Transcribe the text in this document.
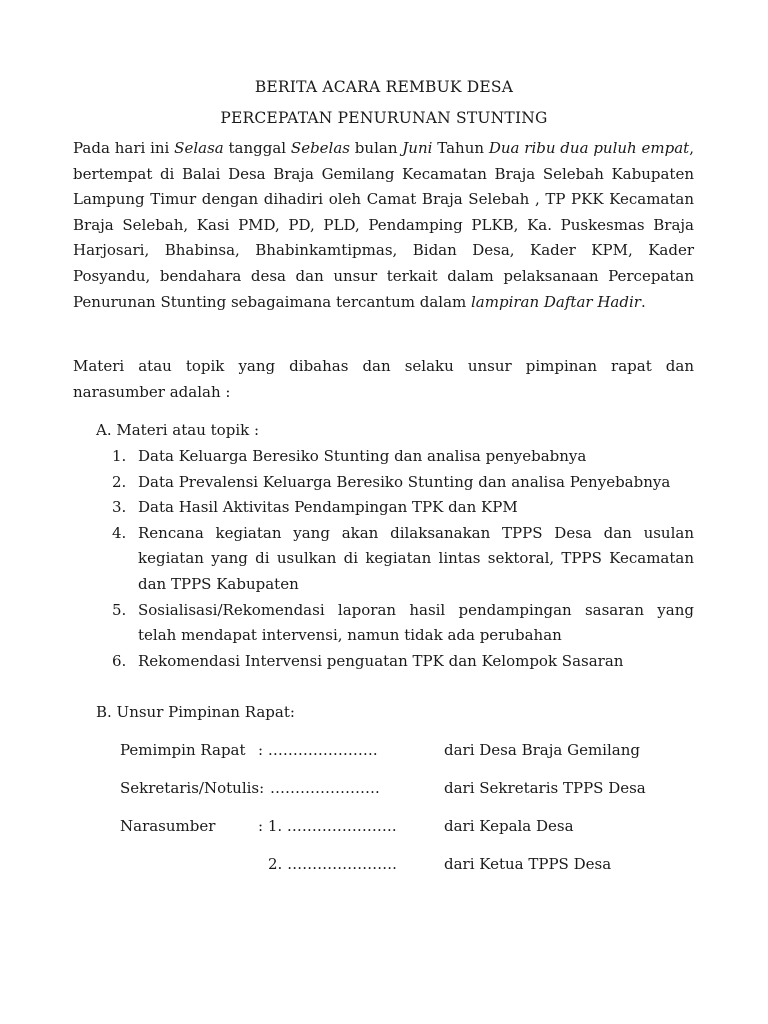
BERITA ACARA REMBUK DESA
PERCEPATAN PENURUNAN STUNTING

Pada hari ini Selasa tanggal Sebelas bulan Juni Tahun Dua ribu dua puluh empat, bertempat di Balai Desa Braja Gemilang Kecamatan Braja Selebah Kabupaten Lampung Timur dengan dihadiri oleh Camat Braja Selebah , TP PKK Kecamatan Braja Selebah, Kasi PMD, PD, PLD, Pendamping PLKB, Ka. Puskesmas Braja Harjosari, Bhabinsa, Bhabinkamtipmas, Bidan Desa, Kader KPM, Kader Posyandu, bendahara desa dan unsur terkait dalam pelaksanaan Percepatan Penurunan Stunting sebagaimana tercantum dalam lampiran Daftar Hadir.

Materi atau topik yang dibahas dan selaku unsur pimpinan rapat dan narasumber adalah :

A. Materi atau topik :
1. Data Keluarga Beresiko Stunting dan analisa penyebabnya
2. Data Prevalensi Keluarga Beresiko Stunting dan analisa Penyebabnya
3. Data Hasil Aktivitas Pendampingan TPK dan KPM
4. Rencana kegiatan yang akan dilaksanakan TPPS Desa dan usulan kegiatan yang di usulkan di kegiatan lintas sektoral, TPPS Kecamatan dan TPPS Kabupaten
5. Sosialisasi/Rekomendasi laporan hasil pendampingan sasaran yang telah mendapat intervensi, namun tidak ada perubahan
6. Rekomendasi Intervensi penguatan TPK dan Kelompok Sasaran
B. Unsur Pimpinan Rapat:
Pemimpin Rapat : ………………….	dari Desa Braja Gemilang
Sekretaris/Notulis: ………………….	dari Sekretaris TPPS Desa
Narasumber	: 1. ………………….	dari Kepala Desa
2. ………………….	dari Ketua TPPS Desa
